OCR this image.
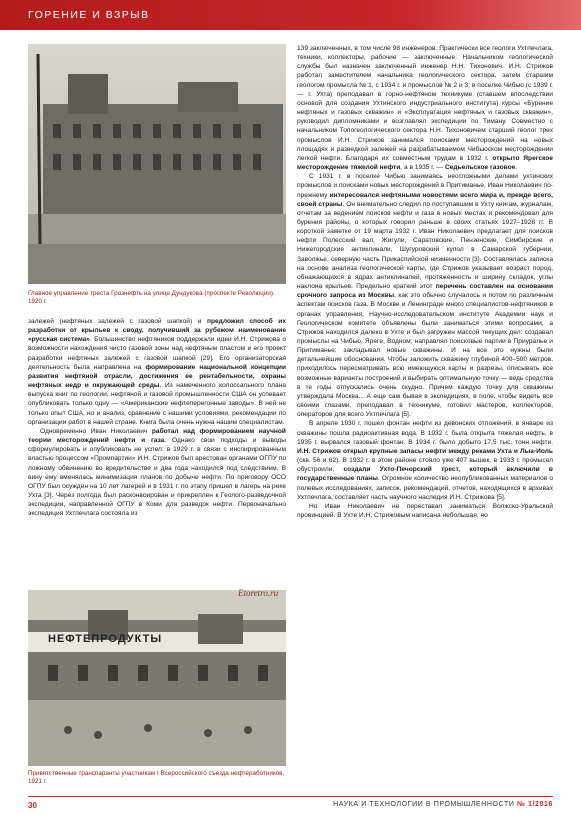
ГОРЕНИЕ И ВЗРЫВ
Главное управление треста Грознефть на улице Дундукова (проспекте Революции). 1920 г.

залежей (нефтяных залежей с газовой шапкой) и предложил способ их разработки от крыльев к своду, получивший за рубежом наименование «русская система». Большинство нефтяников поддержали идеи И.Н. Стрижова о возможности нахождения чисто газовой зоны над нефтяным пластом и его проект разработки нефтяных залежей с газовой шапкой [29]. Его организаторская деятельность была направлена на формирование национальной концепции развития нефтяной отрасли, достижения ее рентабельности, охраны нефтяных недр и окружающей среды. Из намеченного колоссального плана выпуска книг по геологии, нефтяной и газовой промышленности США он успевает опубликовать только одну — «Американские нефтеперегонные заводы». В ней не только опыт США, но и анализ, сравнение с нашими условиями, рекомендации по организации работ в нашей стране. Книга была очень нужна нашим специалистам.

Одновременно Иван Николаевич работал над формированием научной теории месторождений нефти и газа. Однако свои подходы и выводы сформулировать и опубликовать не успел: в 1929 г. в связи с инспирированным властью процессом «Промпартии» И.Н. Стрижов был арестован органами ОГПУ по ложному обвинению во вредительстве и два года находился под следствием. В вину ему вменялась минимизация планов по добыче нефти. По приговору ОСО ОГПУ был осужден на 10 лет лагерей и в 1931 г. по этапу пришел в лагерь на реке Ухта [3]. Через полгода был расконвоирован и прикреплен к Геолого-разведочной экспедиции, направленной ОГПУ в Коми для разведок нефти. Первоначально экспедиция Ухтпечлага состояла из

НЕФТЕПРОДУКТЫ
Etoretro.ru
Приветственные транспаранты участникам I Всероссийского съезда нефтеработников. 1921 г.

139 заключенных, в том числе 98 инженеров. Практически все геологи Ухтпечлага, техники, коллекторы, рабочие — заключенные. Начальником геологической службы был назначен заключенный инженер Н.Н. Тихонович. И.Н. Стрижов работал заместителем начальника геологического сектора, затем старшим геологом промысла № 1, с 1934 г. и промыслов № 2 и 3; в поселке Чибью (с 1939 г. — г. Ухта) преподавал в горно-нефтяном техникуме (ставшем впоследствии основой для создания Ухтинского индустриального института) курсы «Бурение нефтяных и газовых скважин» и «Эксплуатация нефтяных и газовых скважин», руководил дипломниками и возглавлял экспедиции по Тиману. Совместно с начальником Топогеологического сектора Н.Н. Тихоновичем старший геолог трех промыслов И.Н. Стрижов занимался поисками месторождений на новых площадях и разведкой залежей на разрабатываемом Чибьюском месторождении легкой нефти. Благодаря их совместным трудам в 1932 г. открыто Ярегское месторождение тяжелой нефти, а в 1935 г. — Седьельское газовое.

С 1931 г. в поселке Чибью занимаясь неотложными делами ухтинских промыслов и поисками новых месторождений в Притиманье, Иван Николаевич по-прежнему интересовался нефтяными новостями всего мира и, прежде всего, своей страны. Он внимательно следил по поступавшим в Ухту книгам, журналам, отчетам за ведением поисков нефти и газа в новых местах и рекомендовал для бурения районы, о которых говорил раньше в своих статьях 1927–1928 гг. В короткой заметке от 19 марта 1932 г. Иван Николаевич предлагает для поисков нефти Полесский вал, Жигули, Саратовские, Пензенские, Симбирские и Нижегородские антиклинали, Шугуровский купол в Самарской губернии, Заволжье, северную часть Прикаспийской низменности [3]. Составлялась записка на основе анализа геологической карты, где Стрижов указывает возраст пород, обнажающихся в ядрах антиклиналей, протяженность и ширину складок, углы наклона крыльев. Предельно краткий этот перечень составлен на основании срочного запроса из Москвы, как это обычно случалось и потом по различным аспектам поисков газа. В Москве и Ленинграде много специалистов-нефтяников в органах управления, Научно-исследовательском институте Академии наук и Геологическом комитете объявлены были заниматься этими вопросами, а Стрижов находился далеко в Ухте и был загружен массой текущих дел: создавал промыслы на Чибью, Ярегe, Водном; направлял поисковые партии в Приуралье и Притиманье; закладывал новые скважины. И на все это нужны были детальнейшие обоснования. Чтобы заложить скважину глубиной 400–500 метров, приходилось пересматривать всю имеющуюся карты и разрезы, описывать все возможные варианты построений и выбирать оптимальную точку — ведь средства в те годы отпускались очень скудно. Причем каждую точку для скважины утверждала Москва... А еще сам бывая в экспедициях, в поле, чтобы видеть все своими глазами, преподавал в техникуме, готовил мастеров, коллекторов, операторов для всего Ухтпечлага [5].

В апреле 1930 г. пошел фонтан нефти из девонских отложений, в январе из скважины пошла радиоактивная вода. В 1932 г. была открыта тяжелая нефть, в 1935 г. вырвался газовый фонтан. В 1934 г. было добыто 17,5 тыс. тонн нефти. И.Н. Стрижов открыл крупные запасы нефти между реками Ухта и Лыа-Иоль (скв. 56 и 62). В 1932 г. в этом районе стояло уже 407 вышек, в 1933 г. промысел обустроили, создали Ухто-Печорский трест, который включили в государственные планы. Огромное количество неопубликованных материалов о полевых исследованиях, записок, рекомендаций, отчетов, находящихся в архивах Ухтпечлага, составляет часть научного наследия И.Н. Стрижова [5].

Но Иван Николаевич не переставал заниматься Волжско-Уральской провинцией. В Ухте И.Н. Стрижовым написана небольшая, но

30	НАУКА И ТЕХНОЛОГИИ В ПРОМЫШЛЕННОСТИ № 1/2016
